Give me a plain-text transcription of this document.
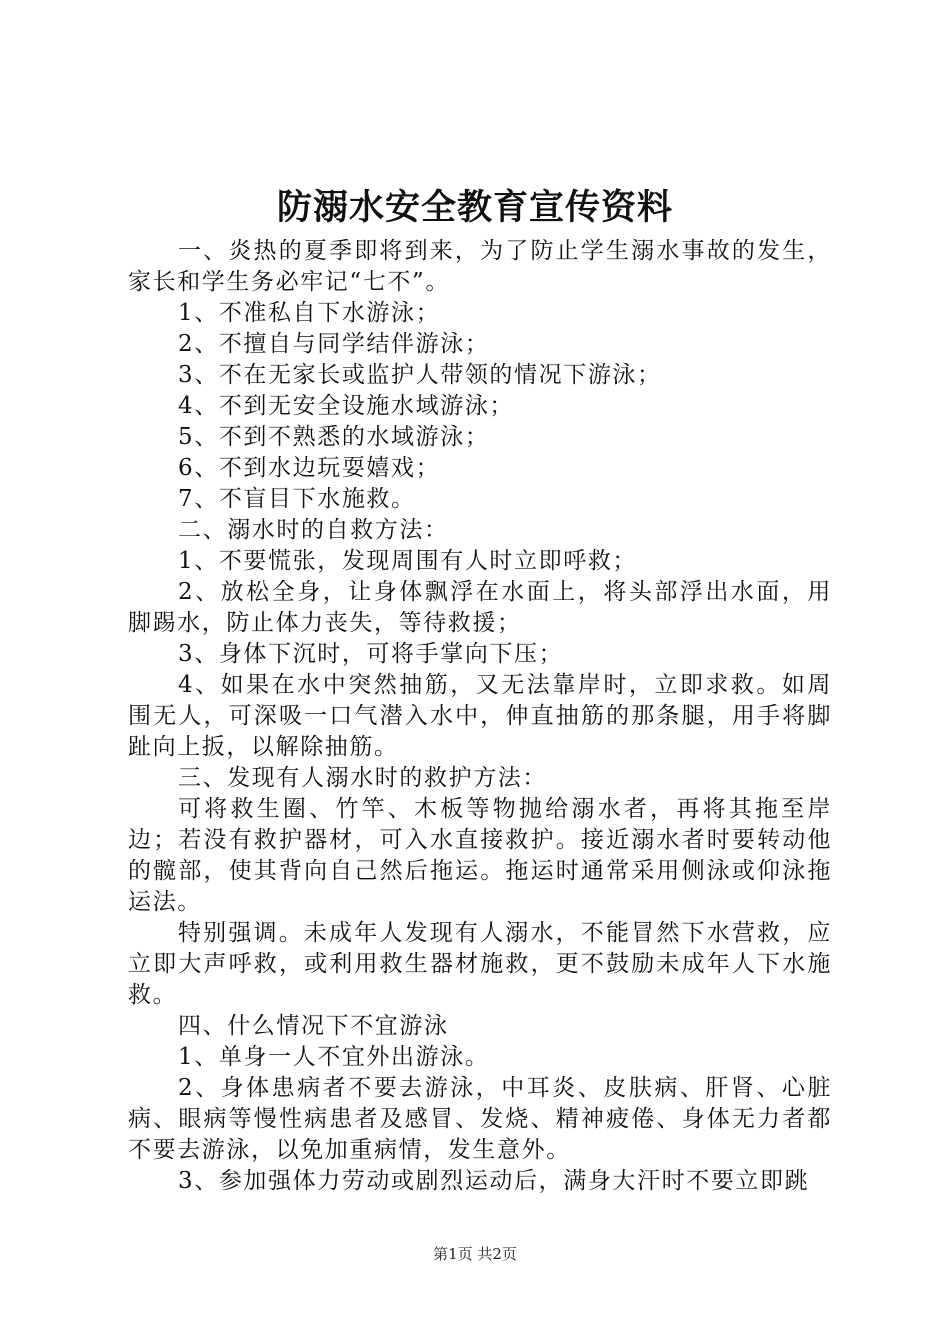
防溺水安全教育宣传资料

一、炎热的夏季即将到来，为了防止学生溺水事故的发生，家长和学生务必牢记“七不”。

1、不准私自下水游泳；

2、不擅自与同学结伴游泳；

3、不在无家长或监护人带领的情况下游泳；

4、不到无安全设施水域游泳；

5、不到不熟悉的水域游泳；

6、不到水边玩耍嬉戏；

7、不盲目下水施救。

二、溺水时的自救方法：

1、不要慌张，发现周围有人时立即呼救；

2、放松全身，让身体飘浮在水面上，将头部浮出水面，用脚踢水，防止体力丧失，等待救援；

3、身体下沉时，可将手掌向下压；

4、如果在水中突然抽筋，又无法靠岸时，立即求救。如周围无人，可深吸一口气潜入水中，伸直抽筋的那条腿，用手将脚趾向上扳，以解除抽筋。

三、发现有人溺水时的救护方法：

可将救生圈、竹竿、木板等物抛给溺水者，再将其拖至岸边；若没有救护器材，可入水直接救护。接近溺水者时要转动他的髋部，使其背向自己然后拖运。拖运时通常采用侧泳或仰泳拖运法。

特别强调。未成年人发现有人溺水，不能冒然下水营救，应立即大声呼救，或利用救生器材施救，更不鼓励未成年人下水施救。

四、什么情况下不宜游泳

1、单身一人不宜外出游泳。

2、身体患病者不要去游泳，中耳炎、皮肤病、肝肾、心脏病、眼病等慢性病患者及感冒、发烧、精神疲倦、身体无力者都不要去游泳，以免加重病情，发生意外。

3、参加强体力劳动或剧烈运动后，满身大汗时不要立即跳

第1页 共2页
